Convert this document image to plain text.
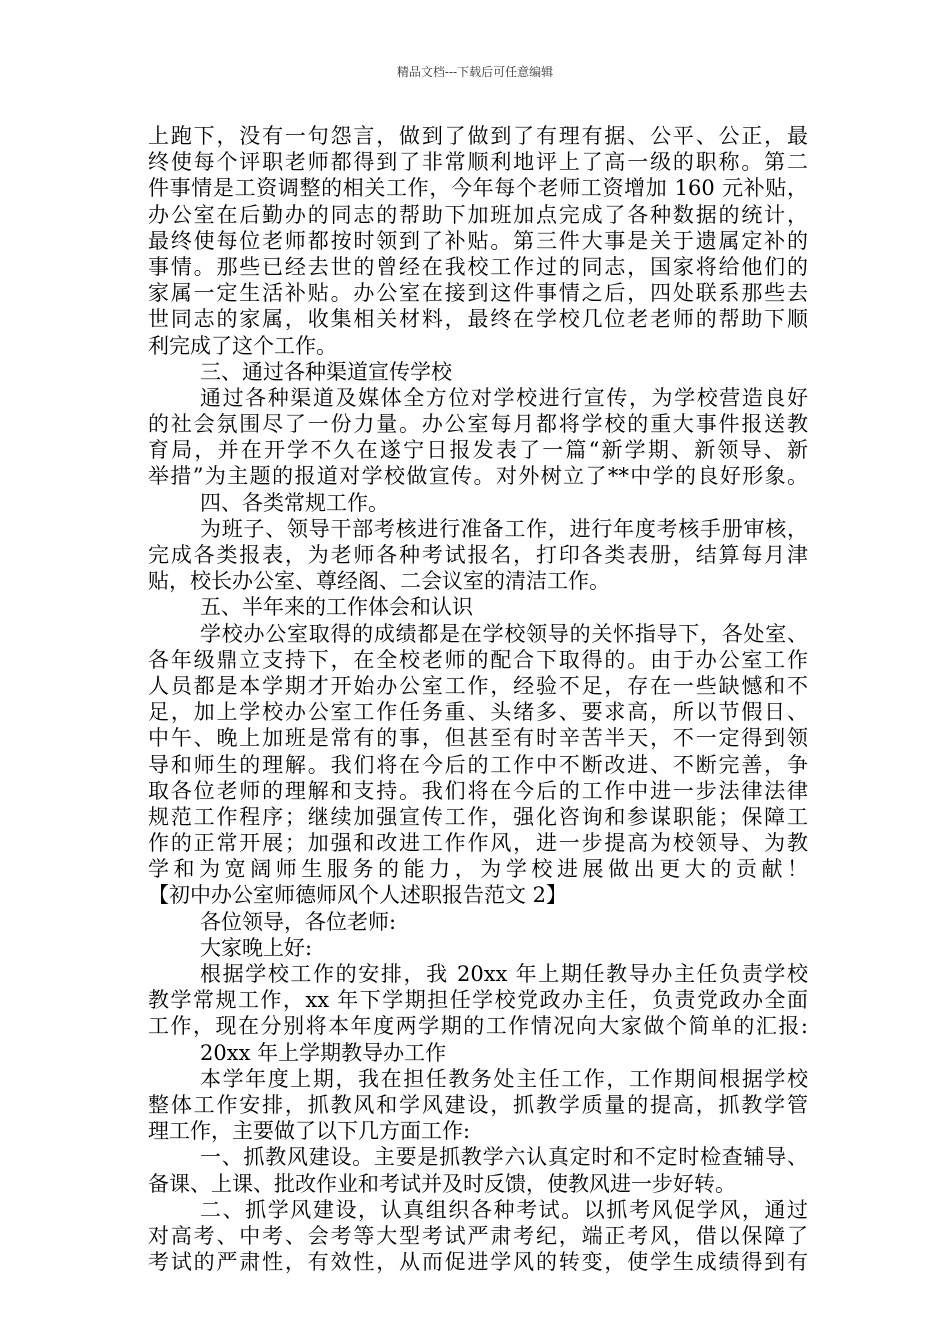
精品文档---下载后可任意编辑
上跑下，没有一句怨言，做到了做到了有理有据、公平、公正，最
终使每个评职老师都得到了非常顺利地评上了高一级的职称。第二
件事情是工资调整的相关工作，今年每个老师工资增加 160 元补贴，
办公室在后勤办的同志的帮助下加班加点完成了各种数据的统计，
最终使每位老师都按时领到了补贴。第三件大事是关于遗属定补的
事情。那些已经去世的曾经在我校工作过的同志，国家将给他们的
家属一定生活补贴。办公室在接到这件事情之后，四处联系那些去
世同志的家属，收集相关材料，最终在学校几位老老师的帮助下顺
利完成了这个工作。
三、通过各种渠道宣传学校
通过各种渠道及媒体全方位对学校进行宣传，为学校营造良好
的社会氛围尽了一份力量。办公室每月都将学校的重大事件报送教
育局，并在开学不久在遂宁日报发表了一篇“新学期、新领导、新
举措”为主题的报道对学校做宣传。对外树立了**中学的良好形象。
四、各类常规工作。
为班子、领导干部考核进行准备工作，进行年度考核手册审核，
完成各类报表，为老师各种考试报名，打印各类表册，结算每月津
贴，校长办公室、尊经阁、二会议室的清洁工作。
五、半年来的工作体会和认识
学校办公室取得的成绩都是在学校领导的关怀指导下，各处室、
各年级鼎立支持下，在全校老师的配合下取得的。由于办公室工作
人员都是本学期才开始办公室工作，经验不足，存在一些缺憾和不
足，加上学校办公室工作任务重、头绪多、要求高，所以节假日、
中午、晚上加班是常有的事，但甚至有时辛苦半天，不一定得到领
导和师生的理解。我们将在今后的工作中不断改进、不断完善，争
取各位老师的理解和支持。我们将在今后的工作中进一步法律法律
规范工作程序；继续加强宣传工作，强化咨询和参谋职能；保障工
作的正常开展；加强和改进工作作风，进一步提高为校领导、为教
学和为宽阔师生服务的能力，为学校进展做出更大的贡献！
【初中办公室师德师风个人述职报告范文 2】
各位领导，各位老师:
大家晚上好:
根据学校工作的安排，我 20xx 年上期任教导办主任负责学校
教学常规工作，xx 年下学期担任学校党政办主任，负责党政办全面
工作，现在分别将本年度两学期的工作情况向大家做个简单的汇报:
20xx 年上学期教导办工作
本学年度上期，我在担任教务处主任工作，工作期间根据学校
整体工作安排，抓教风和学风建设，抓教学质量的提高，抓教学管
理工作，主要做了以下几方面工作:
一、抓教风建设。主要是抓教学六认真定时和不定时检查辅导、
备课、上课、批改作业和考试并及时反馈，使教风进一步好转。
二、抓学风建设，认真组织各种考试。以抓考风促学风，通过
对高考、中考、会考等大型考试严肃考纪，端正考风，借以保障了
考试的严肃性，有效性，从而促进学风的转变，使学生成绩得到有
